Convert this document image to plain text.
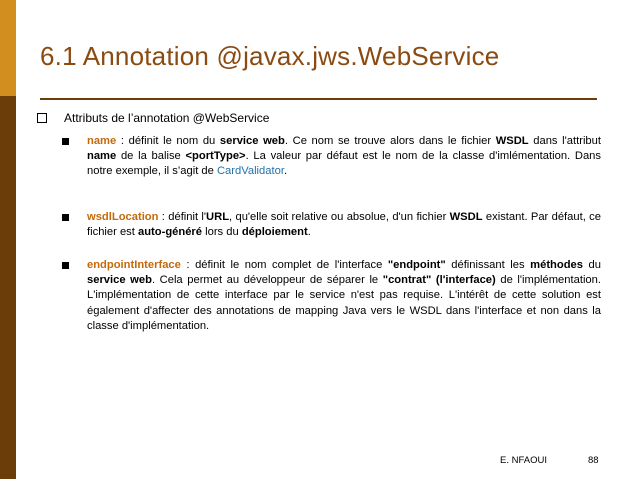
6.1 Annotation @javax.jws.WebService
Attributs de l’annotation @WebService
name : définit le nom du service web. Ce nom se trouve alors dans le fichier WSDL dans l'attribut name de la balise <portType>. La valeur par défaut est le nom de la classe d'imlémentation. Dans notre exemple, il s’agit de CardValidator.
wsdlLocation : définit l'URL, qu'elle soit relative ou absolue, d'un fichier WSDL existant. Par défaut, ce fichier est auto-généré lors du déploiement.
endpointInterface : définit le nom complet de l'interface "endpoint" définissant les méthodes du service web. Cela permet au développeur de séparer le "contrat" (l'interface) de l'implémentation. L'implémentation de cette interface par le service n'est pas requise. L'intérêt de cette solution est également d'affecter des annotations de mapping Java vers le WSDL dans l'interface et non dans la classe d'implémentation.
E. NFAOUI	88
